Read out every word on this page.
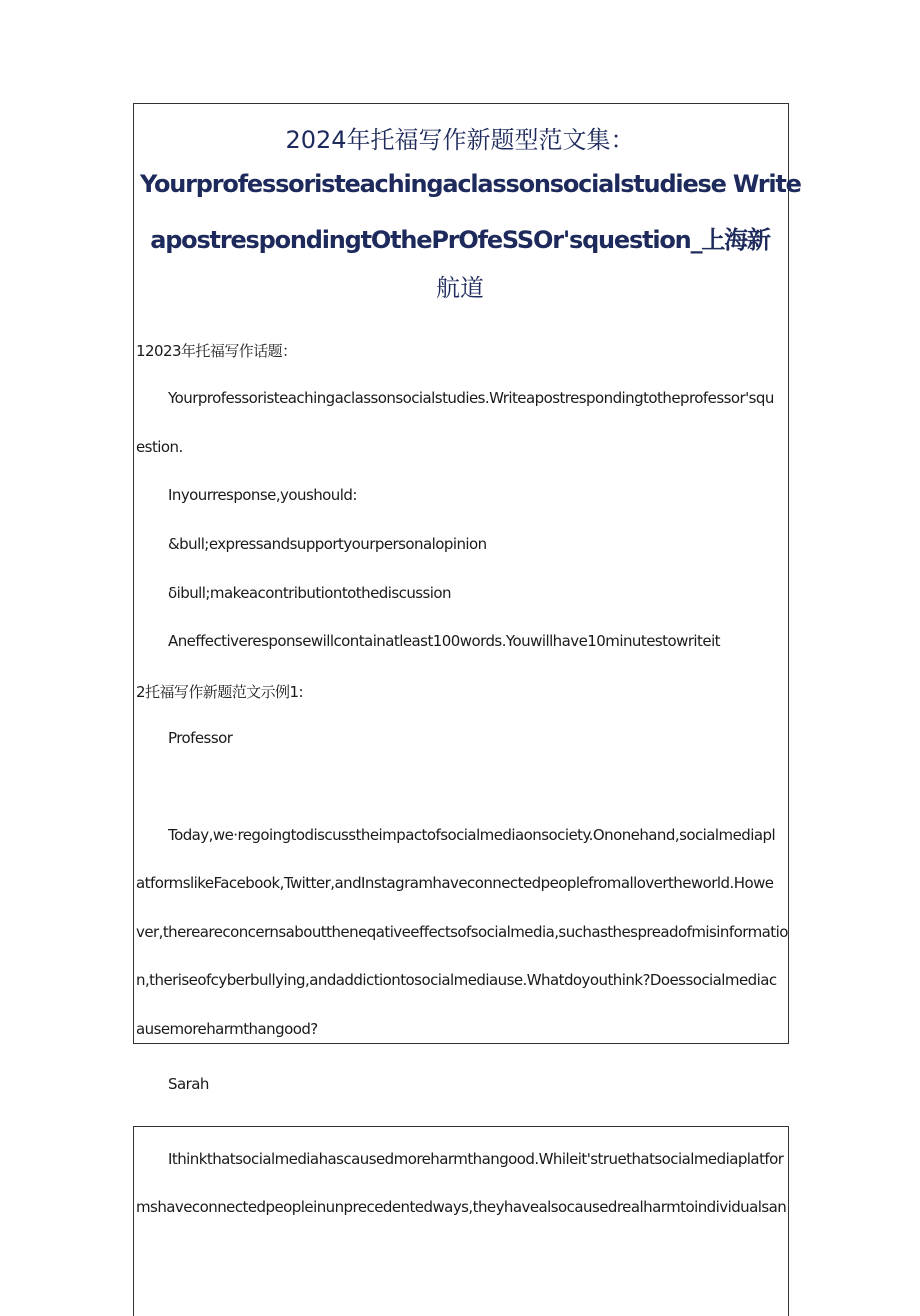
2024年托福写作新题型范文集：
Yourprofessoristeachingaclassonsocialstudiese Write
apostrespondingtOthePrOfeSSOr'squestion_上海新
航道
12023年托福写作话题：
Yourprofessoristeachingaclassonsocialstudies.Writeapostrespondingtotheprofessor'squ
estion.
Inyourresponse,youshould:
&bull;expressandsupportyourpersonalopinion
δibull;makeacontributiontothediscussion
Aneffectiveresponsewillcontainatleast100words.Youwillhave10minutestowriteit
2托福写作新题范文示例1:
Professor
Today,we·regoingtodiscusstheimpactofsocialmediaonsociety.Ononehand,socialmediapl
atformslikeFacebook,Twitter,andInstagramhaveconnectedpeoplefromallovertheworld.Howe
ver,thereareconcernsabouttheneqativeeffectsofsocialmedia,suchasthespreadofmisinformatio
n,theriseofcyberbullying,andaddictiontosocialmediause.Whatdoyouthink?Doessocialmediac
ausemoreharmthangood?
Sarah
Ithinkthatsocialmediahascausedmoreharmthangood.Whileit'struethatsocialmediaplatfor
mshaveconnectedpeopleinunprecedentedways,theyhavealsocausedrealharmtoindividualsan
